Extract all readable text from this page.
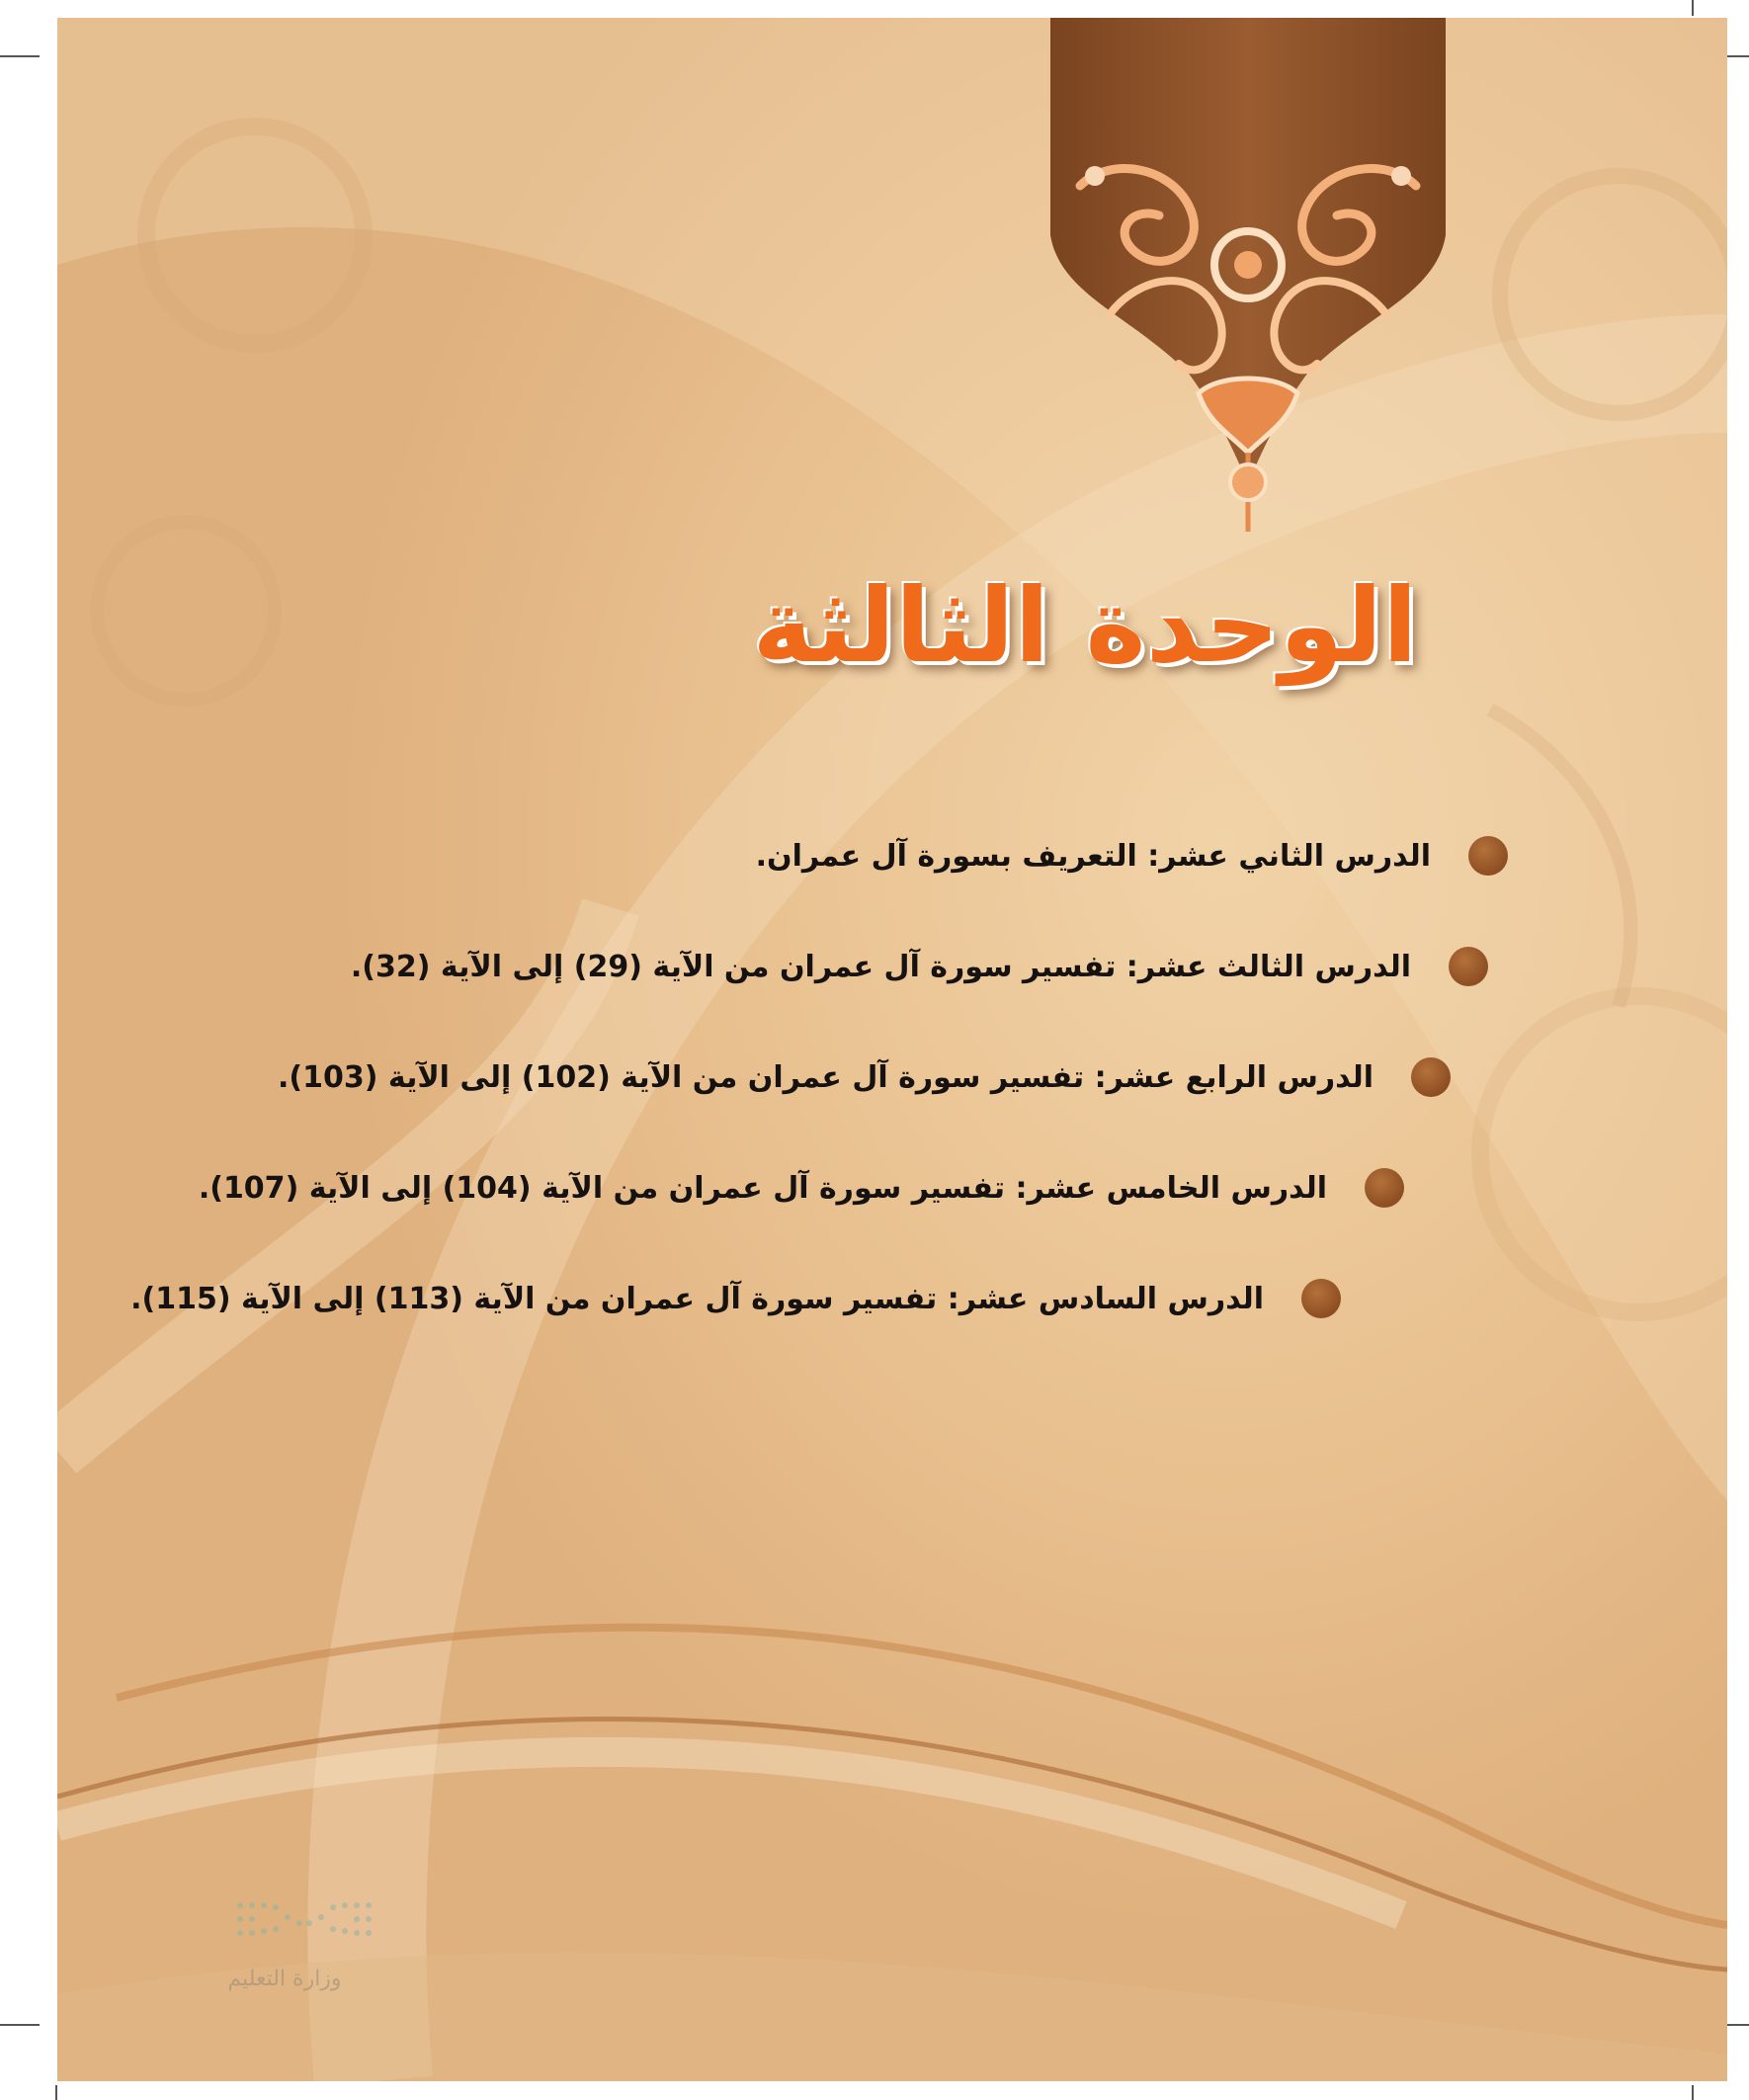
الوحدة الثالثة
الدرس الثاني عشر: التعريف بسورة آل عمران.
الدرس الثالث عشر: تفسير سورة آل عمران من الآية (29) إلى الآية (32).
الدرس الرابع عشر: تفسير سورة آل عمران من الآية (102) إلى الآية (103).
الدرس الخامس عشر: تفسير سورة آل عمران من الآية (104) إلى الآية (107).
الدرس السادس عشر: تفسير سورة آل عمران من الآية (113) إلى الآية (115).
وزارة التعليم
